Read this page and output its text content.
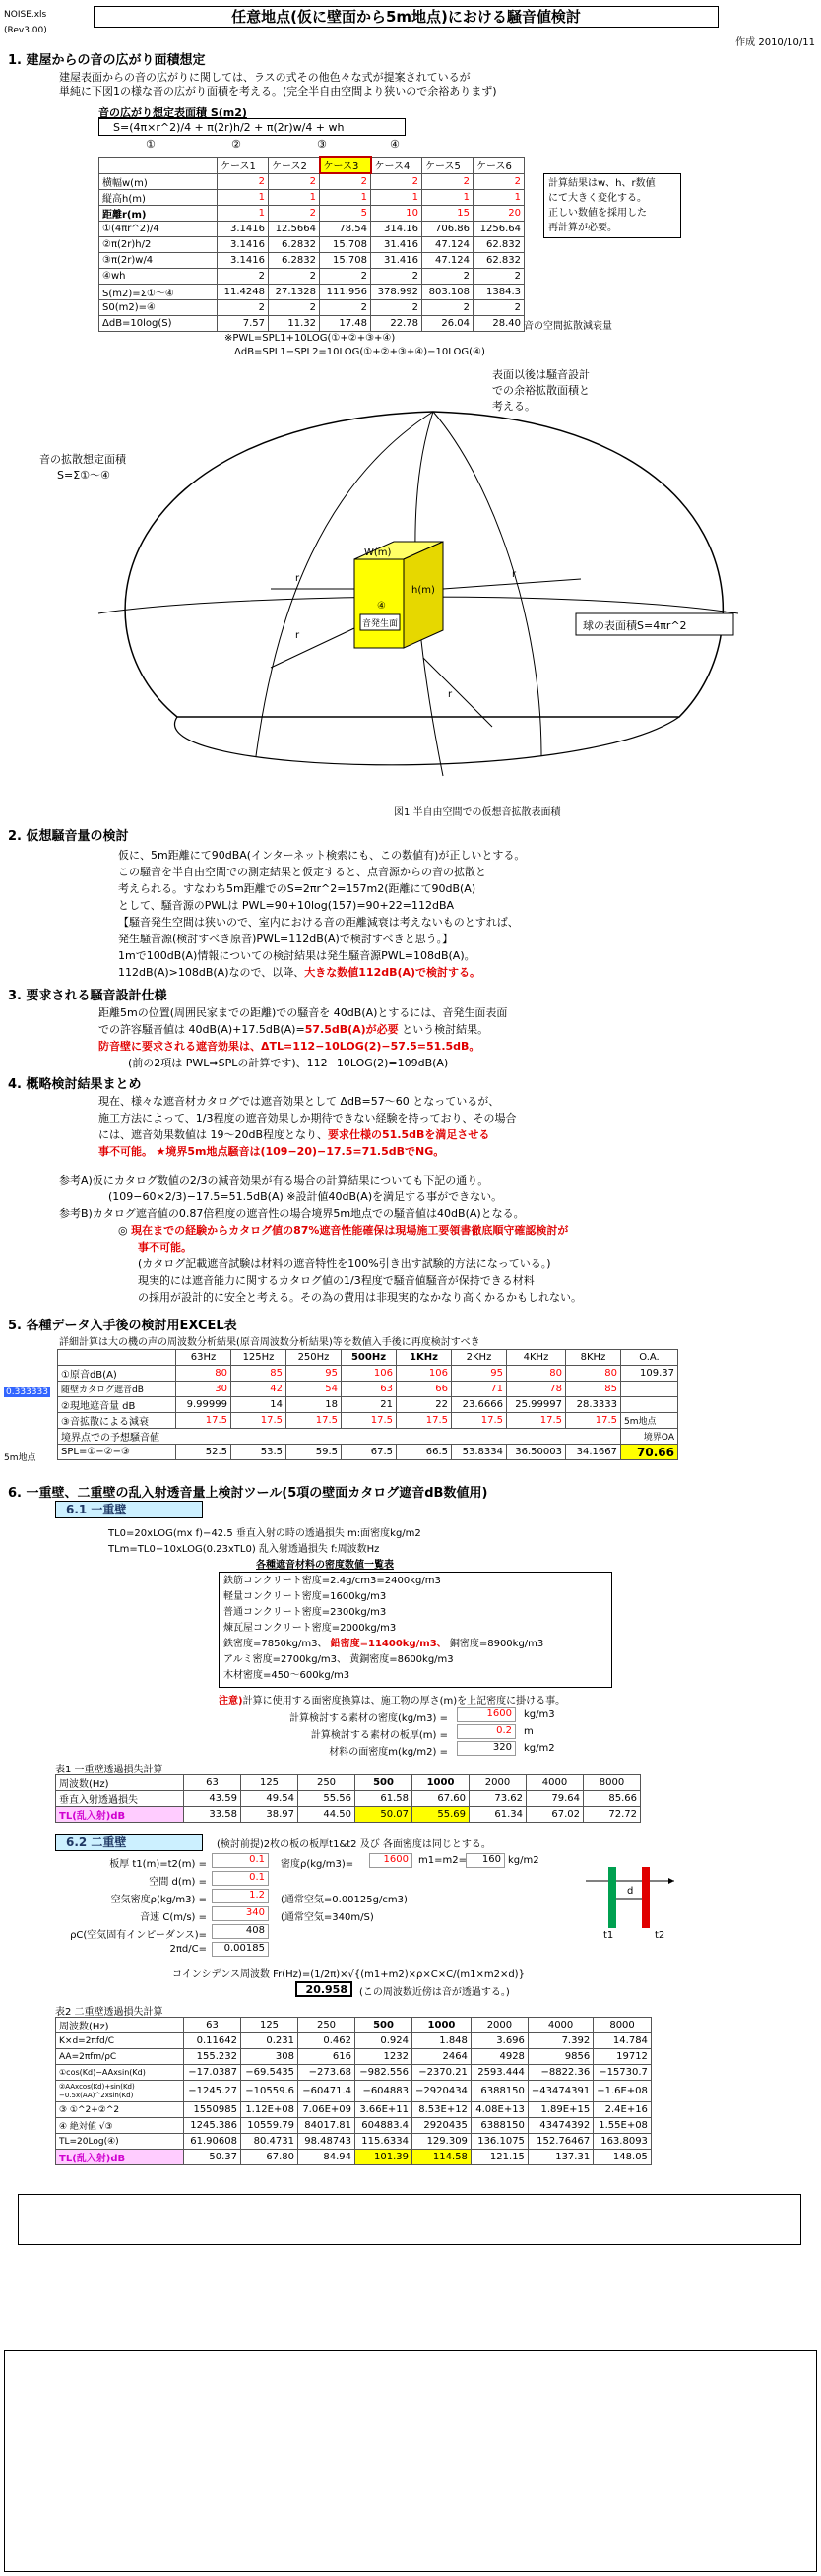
NOISE.xls
(Rev3.00)
任意地点(仮に壁面から5m地点)における騒音値検討
作成 2010/10/11
1. 建屋からの音の広がり面積想定
建屋表面からの音の広がりに関しては、ラスの式その他色々な式が提案されているが
単純に下図1の様な音の広がり面積を考える。(完全半自由空間より狭いので余裕ありまず)
音の広がり想定表面積 S(m2)
S=(4π×r^2)/4 + π(2r)h/2 + π(2r)w/4 + wh
①	②	③	④
	ケース1	ケース2	ケース3	ケース4	ケース5	ケース6
横幅w(m)	2	2	2	2	2	2
縦高h(m)	1	1	1	1	1	1
距離r(m)	1	2	5	10	15	20
①(4πr^2)/4	3.1416	12.5664	78.54	314.16	706.86	1256.64
②π(2r)h/2	3.1416	6.2832	15.708	31.416	47.124	62.832
③π(2r)w/4	3.1416	6.2832	15.708	31.416	47.124	62.832
④wh	2	2	2	2	2	2
S(m2)=Σ①〜④	11.4248	27.1328	111.956	378.992	803.108	1384.3
S0(m2)=④	2	2	2	2	2	2
ΔdB=10log(S)	7.57	11.32	17.48	22.78	26.04	28.40
計算結果はw、h、r数値
にて大きく変化する。
正しい数値を採用した
再計算が必要。
音の空間拡散減衰量
※PWL=SPL1+10LOG(①+②+③+④)
ΔdB=SPL1−SPL2=10LOG(①+②+③+④)−10LOG(④)
音の拡散想定面積
S=Σ①〜④
表面以後は騒音設計
での余裕拡散面積と
考える。
球の表面積S=4πr^2
W(m)
h(m)
音発生面
④
r
r
r
r
図1 半自由空間での仮想音拡散表面積
2. 仮想騒音量の検討
仮に、5m距離にて90dBA(インターネット検索にも、この数値有)が正しいとする。
この騒音を半自由空間での測定結果と仮定すると、点音源からの音の拡散と
考えられる。すなわち5m距離でのS=2πr^2=157m2(距離にて90dB(A)
として、騒音源のPWLは PWL=90+10log(157)=90+22=112dBA
【騒音発生空間は狭いので、室内における音の距離減衰は考えないものとすれば、
発生騒音源(検討すべき原音)PWL=112dB(A)で検討すべきと思う。】
1mで100dB(A)情報についての検討結果は発生騒音源PWL=108dB(A)。
112dB(A)>108dB(A)なので、以降、大きな数値112dB(A)で検討する。
3. 要求される騒音設計仕様
距離5mの位置(周囲民家までの距離)での騒音を 40dB(A)とするには、音発生面表面
での許容騒音値は 40dB(A)+17.5dB(A)=57.5dB(A)が必要 という検討結果。
防音壁に要求される遮音効果は、ΔTL=112−10LOG(2)−57.5=51.5dB。
(前の2項は PWL⇒SPLの計算です)、112−10LOG(2)=109dB(A)
4. 概略検討結果まとめ
現在、様々な遮音材カタログでは遮音効果として ΔdB=57〜60 となっているが、
施工方法によって、1/3程度の遮音効果しか期待できない経験を持っており、その場合
には、遮音効果数値は 19〜20dB程度となり、要求仕様の51.5dBを満足させる
事不可能。 ★境界5m地点騒音は(109−20)−17.5=71.5dBでNG。
参考A)仮にカタログ数値の2/3の減音効果が有る場合の計算結果についても下記の通り。
(109−60×2/3)−17.5=51.5dB(A) ※設計値40dB(A)を満足する事ができない。
参考B)カタログ遮音値の0.87倍程度の遮音性の場合境界5m地点での騒音値は40dB(A)となる。
◎ 現在までの経験からカタログ値の87%遮音性能確保は現場施工要領書徹底順守確認検討が
事不可能。
(カタログ記載遮音試験は材料の遮音特性を100%引き出す試験的方法になっている。)
現実的には遮音能力に関するカタログ値の1/3程度で騒音値騒音が保持できる材料
の採用が設計的に安全と考える。その為の費用は非現実的なかなり高くかるかもしれない。
5. 各種データ入手後の検討用EXCEL表
詳細計算は大の機の声の周波数分析結果(原音周波数分析結果)等を数値入手後に再度検討すべき
0.333333
5m地点
	63Hz	125Hz	250Hz	500Hz	1KHz	2KHz	4KHz	8KHz	O.A.
①原音dB(A)	80	85	95	106	106	95	80	80	109.37
随壁カタログ遮音dB	30	42	54	63	66	71	78	85	
②現地遮音量 dB	9.99999	14	18	21	22	23.6666	25.99997	28.3333	
③音拡散による減衰	17.5	17.5	17.5	17.5	17.5	17.5	17.5	17.5	5m地点
境界点での予想騒音値									境界OA
SPL=①−②−③	52.5	53.5	59.5	67.5	66.5	53.8334	36.50003	34.1667	70.66
6. 一重壁、二重壁の乱入射透音量上検討ツール(5項の壁面カタログ遮音dB数値用)
6.1 一重壁
TL0=20xLOG(mx f)−42.5 垂直入射の時の透過損失 m:面密度kg/m2
TLm=TL0−10xLOG(0.23xTL0) 乱入射透過損失 f:周波数Hz
各種遮音材料の密度数値一覧表
鉄筋コンクリート密度=2.4g/cm3=2400kg/m3
軽量コンクリート密度=1600kg/m3
普通コンクリート密度=2300kg/m3
煉瓦屋コンクリート密度=2000kg/m3
鉄密度=7850kg/m3、 鉛密度=11400kg/m3、 銅密度=8900kg/m3
アルミ密度=2700kg/m3、 黄銅密度=8600kg/m3
木材密度=450〜600kg/m3
注意)計算に使用する面密度換算は、施工物の厚さ(m)を上記密度に掛ける事。
計算検討する素材の密度(kg/m3) =	1600	kg/m3
計算検討する素材の板厚(m) =	0.2	m
材料の面密度m(kg/m2) =	320	kg/m2
表1 一重壁透過損失計算
周波数(Hz)	63	125	250	500	1000	2000	4000	8000
垂直入射透過損失	43.59	49.54	55.56	61.58	67.60	73.62	79.64	85.66
TL(乱入射)dB	33.58	38.97	44.50	50.07	55.69	61.34	67.02	72.72
6.2 二重壁	(検討前提)2枚の板の板厚t1&t2 及び 各面密度は同じとする。
板厚 t1(m)=t2(m) =	0.1	密度ρ(kg/m3)=	1600	m1=m2=	160 kg/m2
空間 d(m) =	0.1
空気密度ρ(kg/m3) =	1.2	(通常空気=0.00125g/cm3)
音速 C(m/s) =	340	(通常空気=340m/S)
ρC(空気固有インピーダンス)=	408
2πd/C=	0.00185
t1
d
t2
コインシデンス周波数 Fr(Hz)=(1/2π)×√{(m1+m2)×ρ×C×C/(m1×m2×d)}
20.958	(この周波数近傍は音が透過する。)
表2 二重壁透過損失計算
周波数(Hz)	63	125	250	500	1000	2000	4000	8000
K×d=2πfd/C	0.11642	0.231	0.462	0.924	1.848	3.696	7.392	14.784
AA=2πfm/ρC	155.232	308	616	1232	2464	4928	9856	19712
①cos(Kd)−AAxsin(Kd)	−17.0387	−69.5435	−273.68	−982.556	−2370.21	2593.444	−8822.36	−15730.7
②AAxcos(Kd)+sin(Kd)−0.5x(AA)^2xsin(Kd)	−1245.27	−10559.6	−60471.4	−604883	−2920434	6388150	−43474391	−1.6E+08
③ ①^2+②^2	1550985	1.12E+08	7.06E+09	3.66E+11	8.53E+12	4.08E+13	1.89E+15	2.4E+16
④ 絶対値 √③	1245.386	10559.79	84017.81	604883.4	2920435	6388150	43474392	1.55E+08
TL=20Log(④)	61.90608	80.4731	98.48743	115.6334	129.309	136.1075	152.76467	163.8093
TL(乱入射)dB	50.37	67.80	84.94	101.39	114.58	121.15	137.31	148.05
